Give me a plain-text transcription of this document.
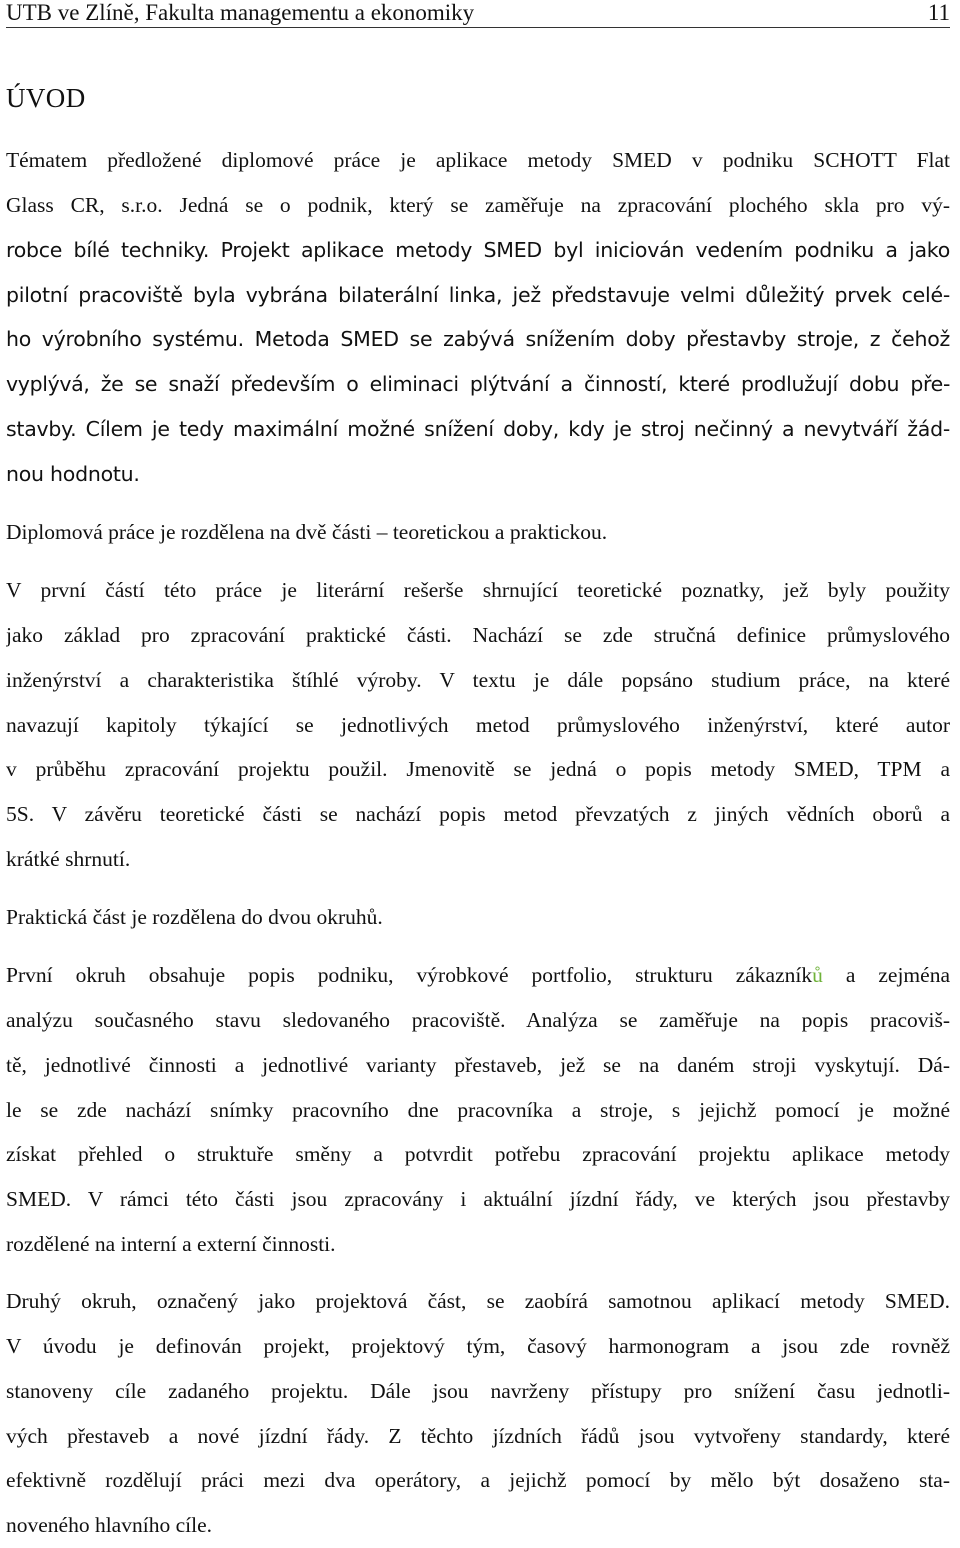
UTB ve Zlíně, Fakulta managementu a ekonomiky	11
ÚVOD
Tématem předložené diplomové práce je aplikace metody SMED v podniku SCHOTT Flat
Glass CR, s.r.o. Jedná se o podnik, který se zaměřuje na zpracování plochého skla pro vý-
robce bílé techniky. Projekt aplikace metody SMED byl iniciován vedením podniku a jako
pilotní pracoviště byla vybrána bilaterální linka, jež představuje velmi důležitý prvek celé-
ho výrobního systému. Metoda SMED se zabývá snížením doby přestavby stroje, z čehož
vyplývá, že se snaží především o eliminaci plýtvání a činností, které prodlužují dobu pře-
stavby. Cílem je tedy maximální možné snížení doby, kdy je stroj nečinný a nevytváří žád-
nou hodnotu.
Diplomová práce je rozdělena na dvě části – teoretickou a praktickou.
V první částí této práce je literární rešerše shrnující teoretické poznatky, jež byly použity
jako základ pro zpracování praktické části. Nachází se zde stručná definice průmyslového
inženýrství a charakteristika štíhlé výroby. V textu je dále popsáno studium práce, na které
navazují kapitoly týkající se jednotlivých metod průmyslového inženýrství, které autor
v průběhu zpracování projektu použil. Jmenovitě se jedná o popis metody SMED, TPM a
5S. V závěru teoretické části se nachází popis metod převzatých z jiných vědních oborů a
krátké shrnutí.
Praktická část je rozdělena do dvou okruhů.
První okruh obsahuje popis podniku, výrobkové portfolio, strukturu zákazníků a zejména
analýzu současného stavu sledovaného pracoviště. Analýza se zaměřuje na popis pracoviš-
tě, jednotlivé činnosti a jednotlivé varianty přestaveb, jež se na daném stroji vyskytují. Dá-
le se zde nachází snímky pracovního dne pracovníka a stroje, s jejichž pomocí je možné
získat přehled o struktuře směny a potvrdit potřebu zpracování projektu aplikace metody
SMED. V rámci této části jsou zpracovány i aktuální jízdní řády, ve kterých jsou přestavby
rozdělené na interní a externí činnosti.
Druhý okruh, označený jako projektová část, se zaobírá samotnou aplikací metody SMED.
V úvodu je definován projekt, projektový tým, časový harmonogram a jsou zde rovněž
stanoveny cíle zadaného projektu. Dále jsou navrženy přístupy pro snížení času jednotli-
vých přestaveb a nové jízdní řády. Z těchto jízdních řádů jsou vytvořeny standardy, které
efektivně rozdělují práci mezi dva operátory, a jejichž pomocí by mělo být dosaženo sta-
noveného hlavního cíle.
